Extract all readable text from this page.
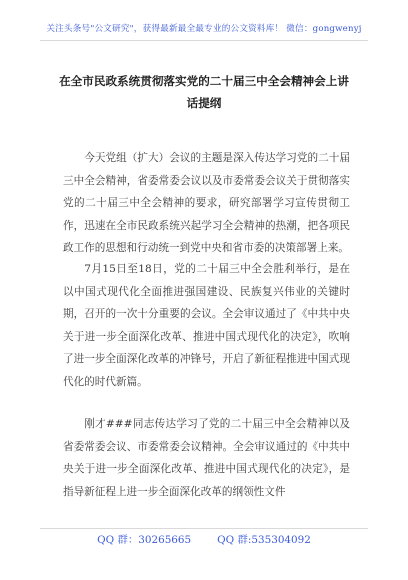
关注头条号"公文研究"，获得最新最全最专业的公文资料库！ 微信：gongwenyj
在全市民政系统贯彻落实党的二十届三中全会精神会上讲话提纲

今天党组（扩大）会议的主题是深入传达学习党的二十届三中全会精神，省委常委会议以及市委常委会议关于贯彻落实党的二十届三中全会精神的要求，研究部署学习宣传贯彻工作，迅速在全市民政系统兴起学习全会精神的热潮，把各项民政工作的思想和行动统一到党中央和省市委的决策部署上来。

7月15日至18日，党的二十届三中全会胜利举行，是在以中国式现代化全面推进强国建设、民族复兴伟业的关键时期，召开的一次十分重要的会议。全会审议通过了《中共中央关于进一步全面深化改革、推进中国式现代化的决定》，吹响了进一步全面深化改革的冲锋号，开启了新征程推进中国式现代化的时代新篇。

刚才###同志传达学习了党的二十届三中全会精神以及省委常委会议、市委常委会议精神。全会审议通过的《中共中央关于进一步全面深化改革、推进中国式现代化的决定》，是指导新征程上进一步全面深化改革的纲领性文件

QQ 群：30265665	QQ 群:535304092
